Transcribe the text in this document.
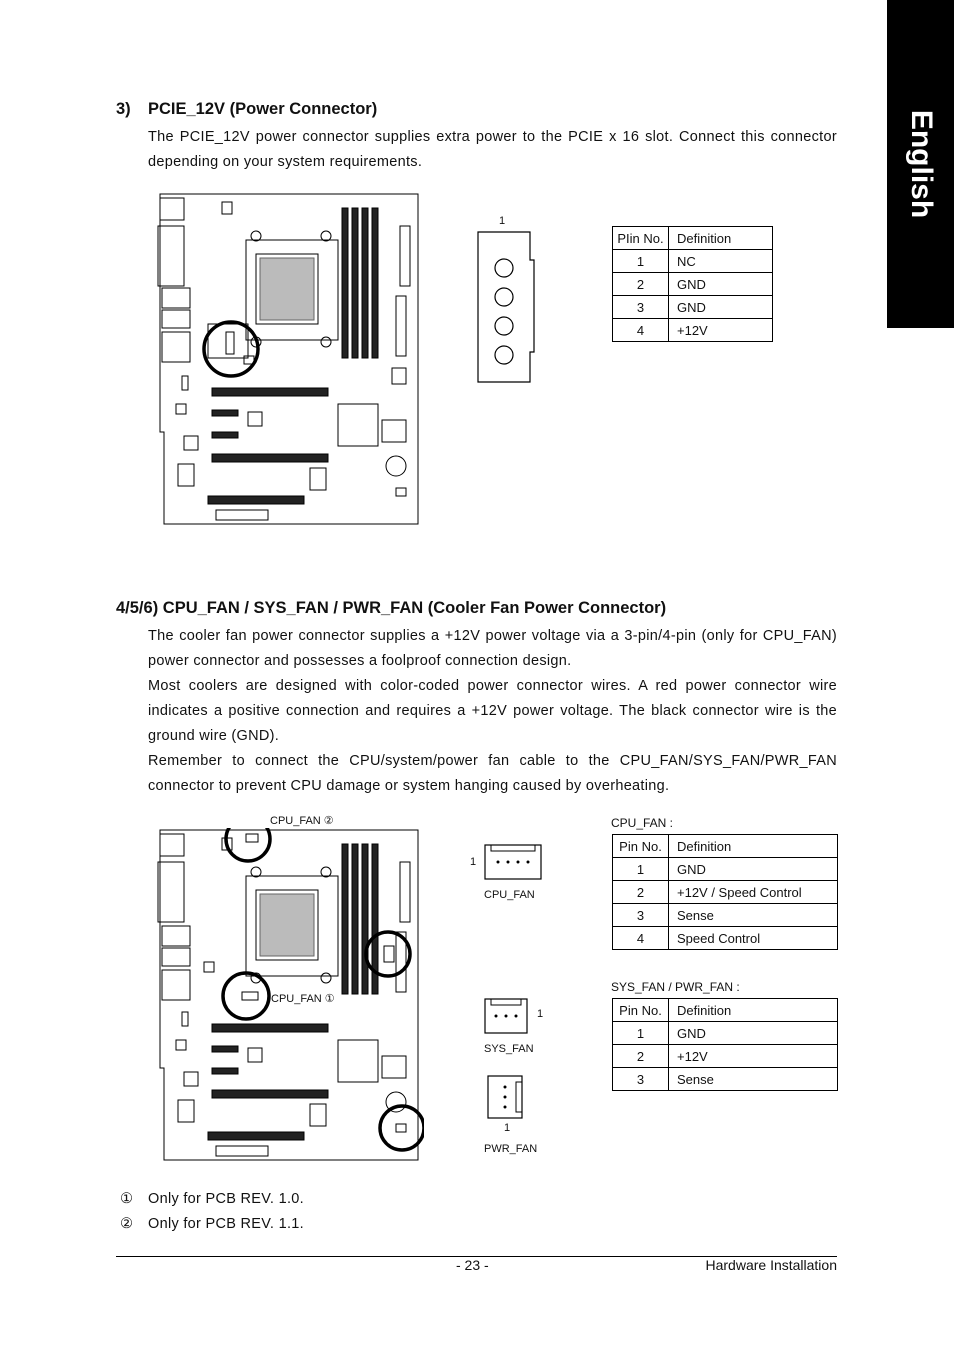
English
3) PCIE_12V (Power Connector)

The PCIE_12V power connector supplies extra power to the PCIE x 16 slot. Connect this connector depending on your system requirements.

1
PIin No.	Definition
1	NC
2	GND
3	GND
4	+12V
4/5/6) CPU_FAN / SYS_FAN / PWR_FAN (Cooler Fan Power Connector)

The cooler fan power connector supplies a +12V power voltage via a 3-pin/4-pin (only for CPU_FAN) power connector and possesses a foolproof connection design.

Most coolers are designed with color-coded power connector wires. A red power connector wire indicates a positive connection and requires a +12V power voltage. The black connector wire is the ground wire (GND).

Remember to connect the CPU/system/power fan cable to the CPU_FAN/SYS_FAN/PWR_FAN connector to prevent CPU damage or system hanging caused by overheating.

CPU_FAN ②
CPU_FAN ①
1
CPU_FAN
1
SYS_FAN
1
PWR_FAN
CPU_FAN :
Pin No.	Definition
1	GND
2	+12V / Speed Control
3	Sense
4	Speed Control
SYS_FAN / PWR_FAN :
Pin No.	Definition
1	GND
2	+12V
3	Sense
① Only for PCB REV. 1.0.
② Only for PCB REV. 1.1.
- 23 -	Hardware Installation
